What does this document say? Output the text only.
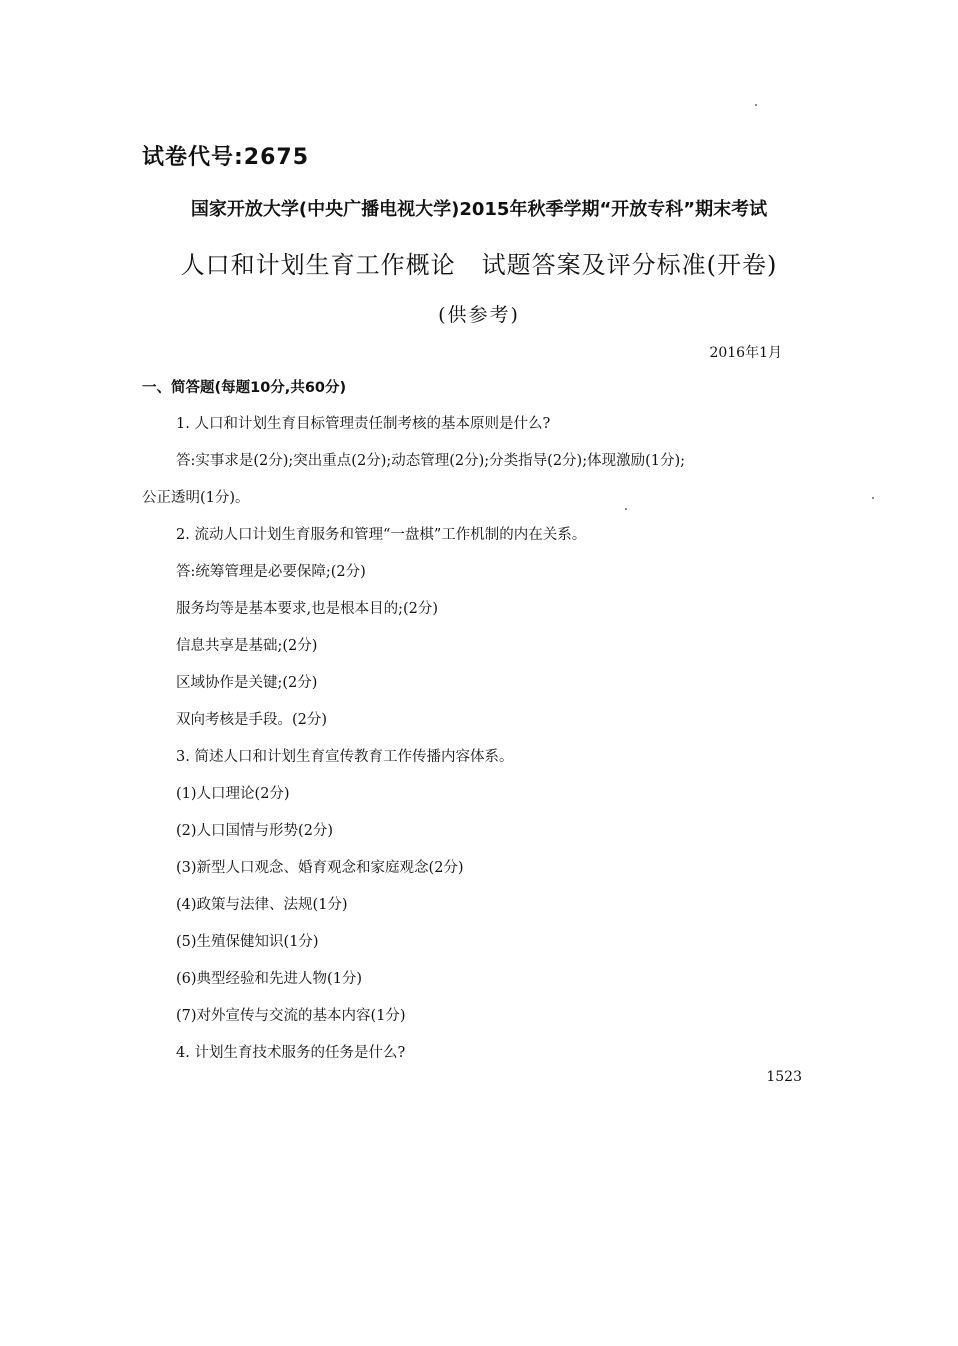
试卷代号:2675
国家开放大学(中央广播电视大学)2015年秋季学期“开放专科”期末考试
人口和计划生育工作概论 试题答案及评分标准(开卷)
(供参考)
2016年1月
一、简答题(每题10分,共60分)
1. 人口和计划生育目标管理责任制考核的基本原则是什么?
答:实事求是(2分);突出重点(2分);动态管理(2分);分类指导(2分);体现激励(1分);
公正透明(1分)。
2. 流动人口计划生育服务和管理“一盘棋”工作机制的内在关系。
答:统筹管理是必要保障;(2分)
服务均等是基本要求,也是根本目的;(2分)
信息共享是基础;(2分)
区域协作是关键;(2分)
双向考核是手段。(2分)
3. 简述人口和计划生育宣传教育工作传播内容体系。
(1)人口理论(2分)
(2)人口国情与形势(2分)
(3)新型人口观念、婚育观念和家庭观念(2分)
(4)政策与法律、法规(1分)
(5)生殖保健知识(1分)
(6)典型经验和先进人物(1分)
(7)对外宣传与交流的基本内容(1分)
4. 计划生育技术服务的任务是什么?
1523
